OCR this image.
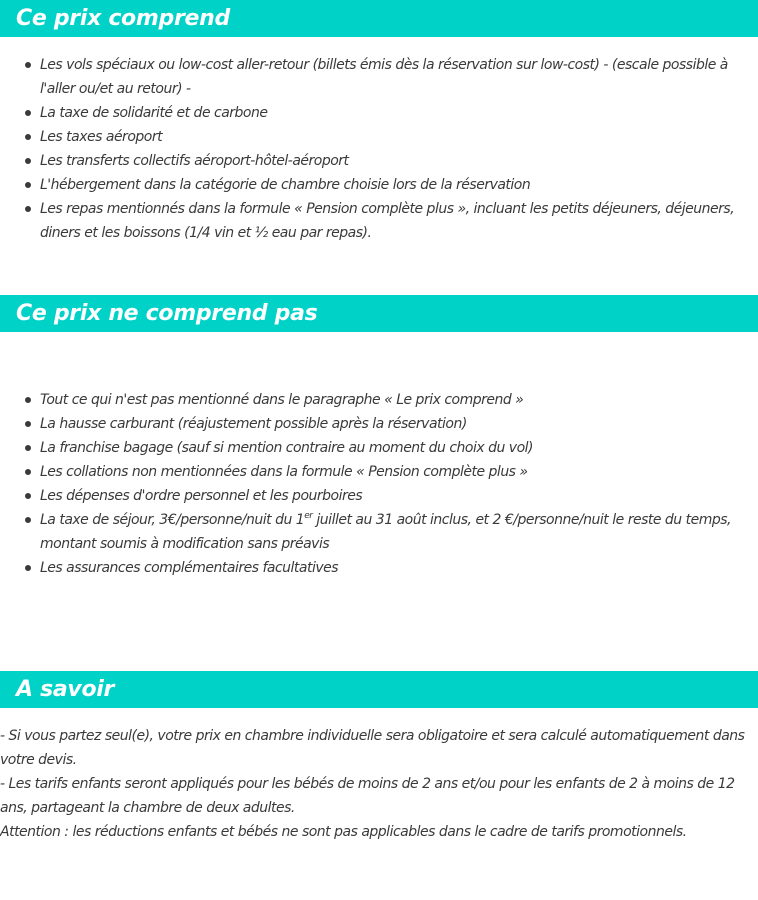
Ce prix comprend
Les vols spéciaux ou low-cost aller-retour (billets émis dès la réservation sur low-cost) - (escale possible à l'aller ou/et au retour) -
La taxe de solidarité et de carbone
Les taxes aéroport
Les transferts collectifs aéroport-hôtel-aéroport
L'hébergement dans la catégorie de chambre choisie lors de la réservation
Les repas mentionnés dans la formule « Pension complète plus », incluant les petits déjeuners, déjeuners, diners et les boissons (1/4 vin et ½ eau par repas).
Ce prix ne comprend pas
Tout ce qui n'est pas mentionné dans le paragraphe « Le prix comprend »
La hausse carburant (réajustement possible après la réservation)
La franchise bagage (sauf si mention contraire au moment du choix du vol)
Les collations non mentionnées dans la formule « Pension complète plus »
Les dépenses d'ordre personnel et les pourboires
La taxe de séjour, 3€/personne/nuit du 1er juillet au 31 août inclus, et 2 €/personne/nuit le reste du temps, montant soumis à modification sans préavis
Les assurances complémentaires facultatives
A savoir

- Si vous partez seul(e), votre prix en chambre individuelle sera obligatoire et sera calculé automatiquement dans votre devis.

- Les tarifs enfants seront appliqués pour les bébés de moins de 2 ans et/ou pour les enfants de 2 à moins de 12 ans, partageant la chambre de deux adultes.

Attention : les réductions enfants et bébés ne sont pas applicables dans le cadre de tarifs promotionnels.
